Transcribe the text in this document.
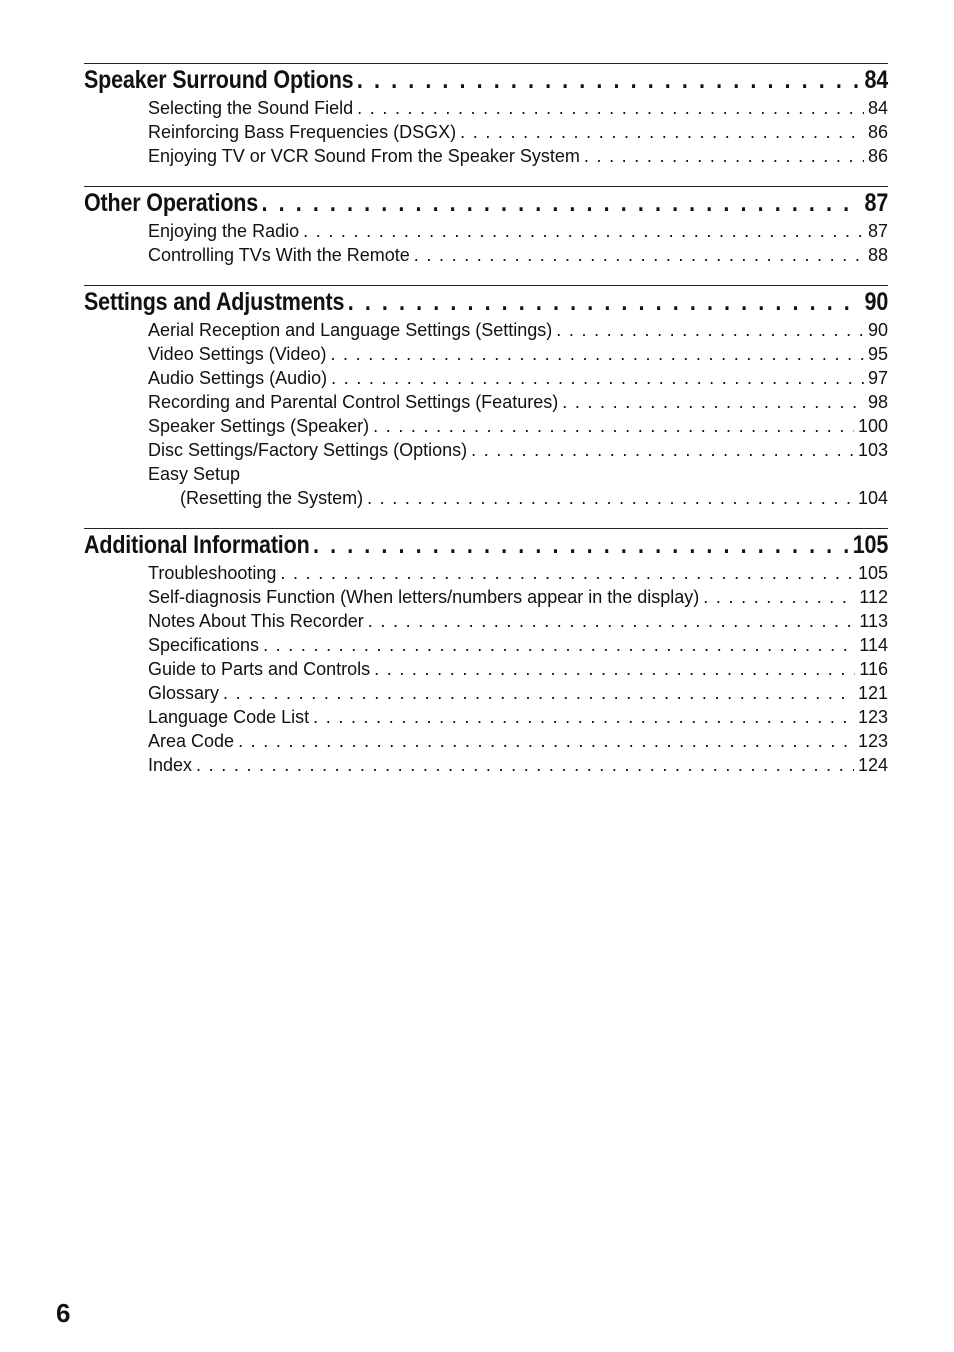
Speaker Surround Options . . .	84
Selecting the Sound Field . . .	84
Reinforcing Bass Frequencies (DSGX) . . .	86
Enjoying TV or VCR Sound From the Speaker System . . .	86
Other Operations . . .	87
Enjoying the Radio . . .	87
Controlling TVs With the Remote . . .	88
Settings and Adjustments . . .	90
Aerial Reception and Language Settings (Settings) . . .	90
Video Settings (Video) . . .	95
Audio Settings (Audio) . . .	97
Recording and Parental Control Settings (Features) . . .	98
Speaker Settings (Speaker) . . .	100
Disc Settings/Factory Settings (Options) . . .	103
Easy Setup
(Resetting the System) . . .	104
Additional Information . . .	105
Troubleshooting . . .	105
Self-diagnosis Function (When letters/numbers appear in the display) . . .	112
Notes About This Recorder . . .	113
Specifications . . .	114
Guide to Parts and Controls . . .	116
Glossary . . .	121
Language Code List . . .	123
Area Code . . .	123
Index . . .	124
6
